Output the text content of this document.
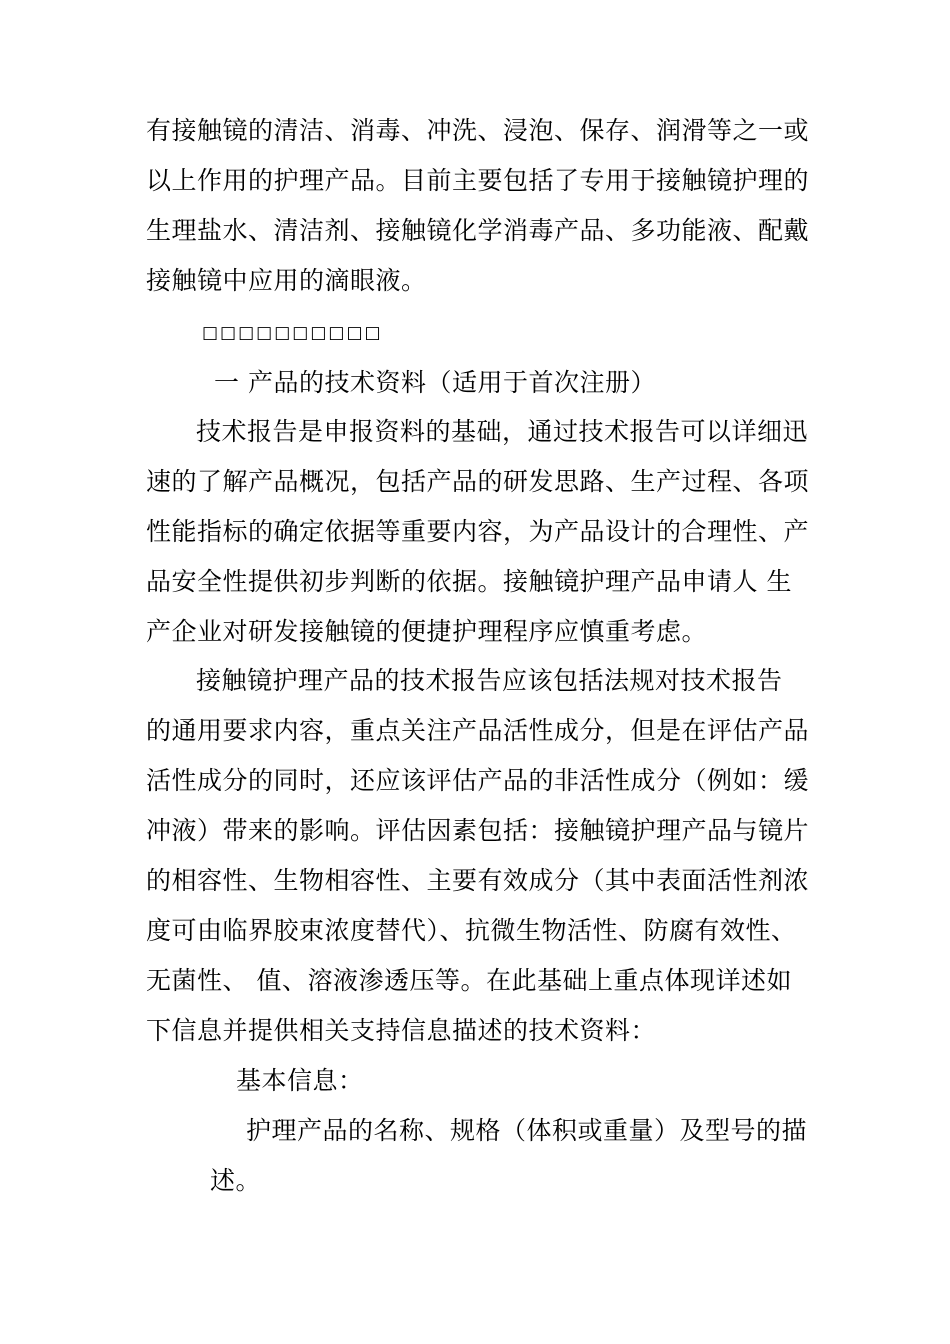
有接触镜的清洁、消毒、冲洗、浸泡、保存、润滑等之一或
以上作用的护理产品。目前主要包括了专用于接触镜护理的
生理盐水、清洁剂、接触镜化学消毒产品、多功能液、配戴
接触镜中应用的滴眼液。
□□□□□□□□□□
一 产品的技术资料（适用于首次注册）
技术报告是申报资料的基础，通过技术报告可以详细迅
速的了解产品概况，包括产品的研发思路、生产过程、各项
性能指标的确定依据等重要内容，为产品设计的合理性、产
品安全性提供初步判断的依据。接触镜护理产品申请人 生
产企业对研发接触镜的便捷护理程序应慎重考虑。
接触镜护理产品的技术报告应该包括法规对技术报告
的通用要求内容，重点关注产品活性成分，但是在评估产品
活性成分的同时，还应该评估产品的非活性成分（例如：缓
冲液）带来的影响。评估因素包括：接触镜护理产品与镜片
的相容性、生物相容性、主要有效成分（其中表面活性剂浓
度可由临界胶束浓度替代）、抗微生物活性、防腐有效性、
无菌性、 值、溶液渗透压等。在此基础上重点体现详述如
下信息并提供相关支持信息描述的技术资料：
基本信息：
护理产品的名称、规格（体积或重量）及型号的描
述。
